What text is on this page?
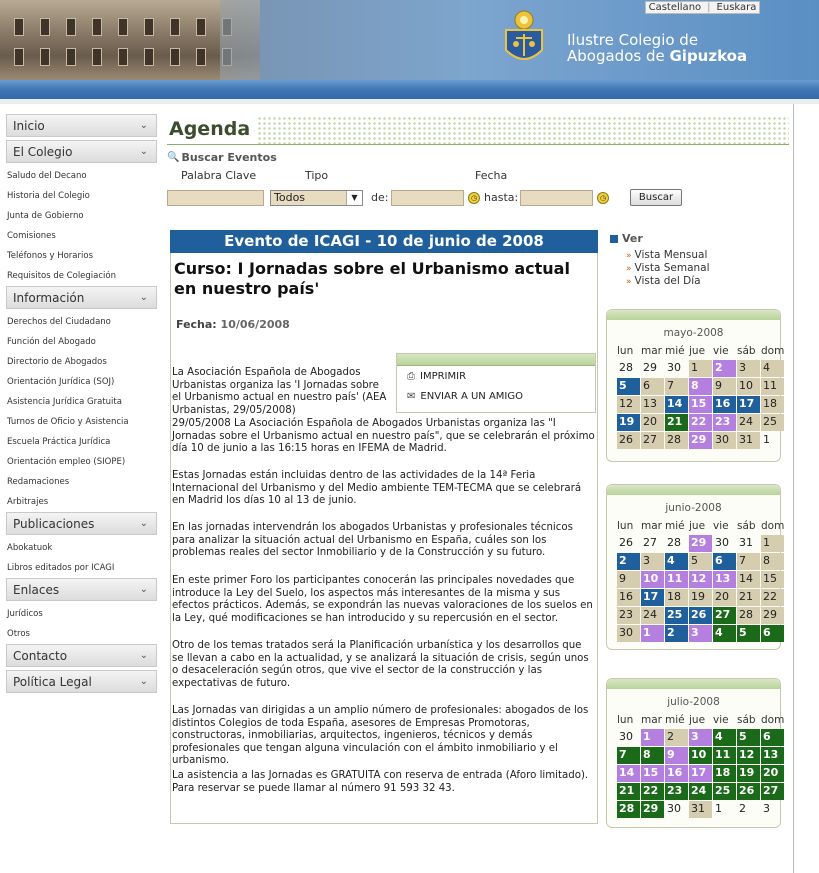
Castellano | Euskara
Ilustre Colegio de
Abogados de Gipuzkoa
Inicio	⌄
El Colegio	⌄
Saludo del Decano
Historia del Colegio
Junta de Gobierno
Comisiones
Teléfonos y Horarios
Requisitos de Colegiación
Información	⌄
Derechos del Ciudadano
Función del Abogado
Directorio de Abogados
Orientación Jurídica (SOJ)
Asistencia Jurídica Gratuita
Turnos de Oficio y Asistencia
Escuela Práctica Jurídica
Orientación empleo (SIOPE)
Redamaciones
Arbitrajes
Publicaciones	⌄
Abokatuok
Libros editados por ICAGI
Enlaces	⌄
Jurídicos
Otros
Contacto	⌄
Política Legal	⌄
Agenda
🔍 Buscar Eventos
Palabra Clave	Tipo	Fecha
Todos	▼	de:	◷ hasta:	◷	Buscar
Evento de ICAGI - 10 de junio de 2008
Curso: I Jornadas sobre el Urbanismo actual en nuestro país'
Fecha: 10/06/2008
⎙ IMPRIMIR
✉ ENVIAR A UN AMIGO
La Asociación Española de Abogados Urbanistas organiza las 'I Jornadas sobre el Urbanismo actual en nuestro país' (AEA Urbanistas, 29/05/2008)
29/05/2008 La Asociación Española de Abogados Urbanistas organiza las "I Jornadas sobre el Urbanismo actual en nuestro país", que se celebrarán el próximo día 10 de junio a las 16:15 horas en IFEMA de Madrid.
Estas Jornadas están incluidas dentro de las actividades de la 14ª Feria Internacional del Urbanismo y del Medio ambiente TEM-TECMA que se celebrará en Madrid los días 10 al 13 de junio.
En las jornadas intervendrán los abogados Urbanistas y profesionales técnicos para analizar la situación actual del Urbanismo en España, cuáles son los problemas reales del sector Inmobiliario y de la Construcción y su futuro.
En este primer Foro los participantes conocerán las principales novedades que introduce la Ley del Suelo, los aspectos más interesantes de la misma y sus efectos prácticos. Además, se expondrán las nuevas valoraciones de los suelos en la Ley, qué modificaciones se han introducido y su repercusión en el sector.
Otro de los temas tratados será la Planificación urbanística y los desarrollos que se llevan a cabo en la actualidad, y se analizará la situación de crisis, según unos o desaceleración según otros, que vive el sector de la construcción y las expectativas de futuro.
Las Jornadas van dirigidas a un amplio número de profesionales: abogados de los distintos Colegios de toda España, asesores de Empresas Promotoras, constructoras, inmobiliarias, arquitectos, ingenieros, técnicos y demás profesionales que tengan alguna vinculación con el ámbito inmobiliario y el urbanismo.
La asistencia a las Jornadas es GRATUITA con reserva de entrada (Aforo limitado). Para reservar se puede llamar al número 91 593 32 43.
Ver
» Vista Mensual
» Vista Semanal
» Vista del Día
mayo-2008
lun mar mié jue vie sáb dom
28 29 30 1	2	3	4
5	6	7	8	9	10 11
12 13 14 15 16 17 18
19 20 21 22 23 24 25
26 27 28 29 30 31 1
junio-2008
lun mar mié jue vie sáb dom
26 27 28 29 30 31 1
2	3	4	5	6	7	8
9	10 11 12 13 14 15
16 17 18 19 20 21 22
23 24 25 26 27 28 29
30 1	2	3	4	5	6
julio-2008
lun mar mié jue vie sáb dom
30 1	2	3	4	5	6
7	8	9	10 11 12 13
14 15 16 17 18 19 20
21 22 23 24 25 26 27
28 29 30 31 1	2	3
